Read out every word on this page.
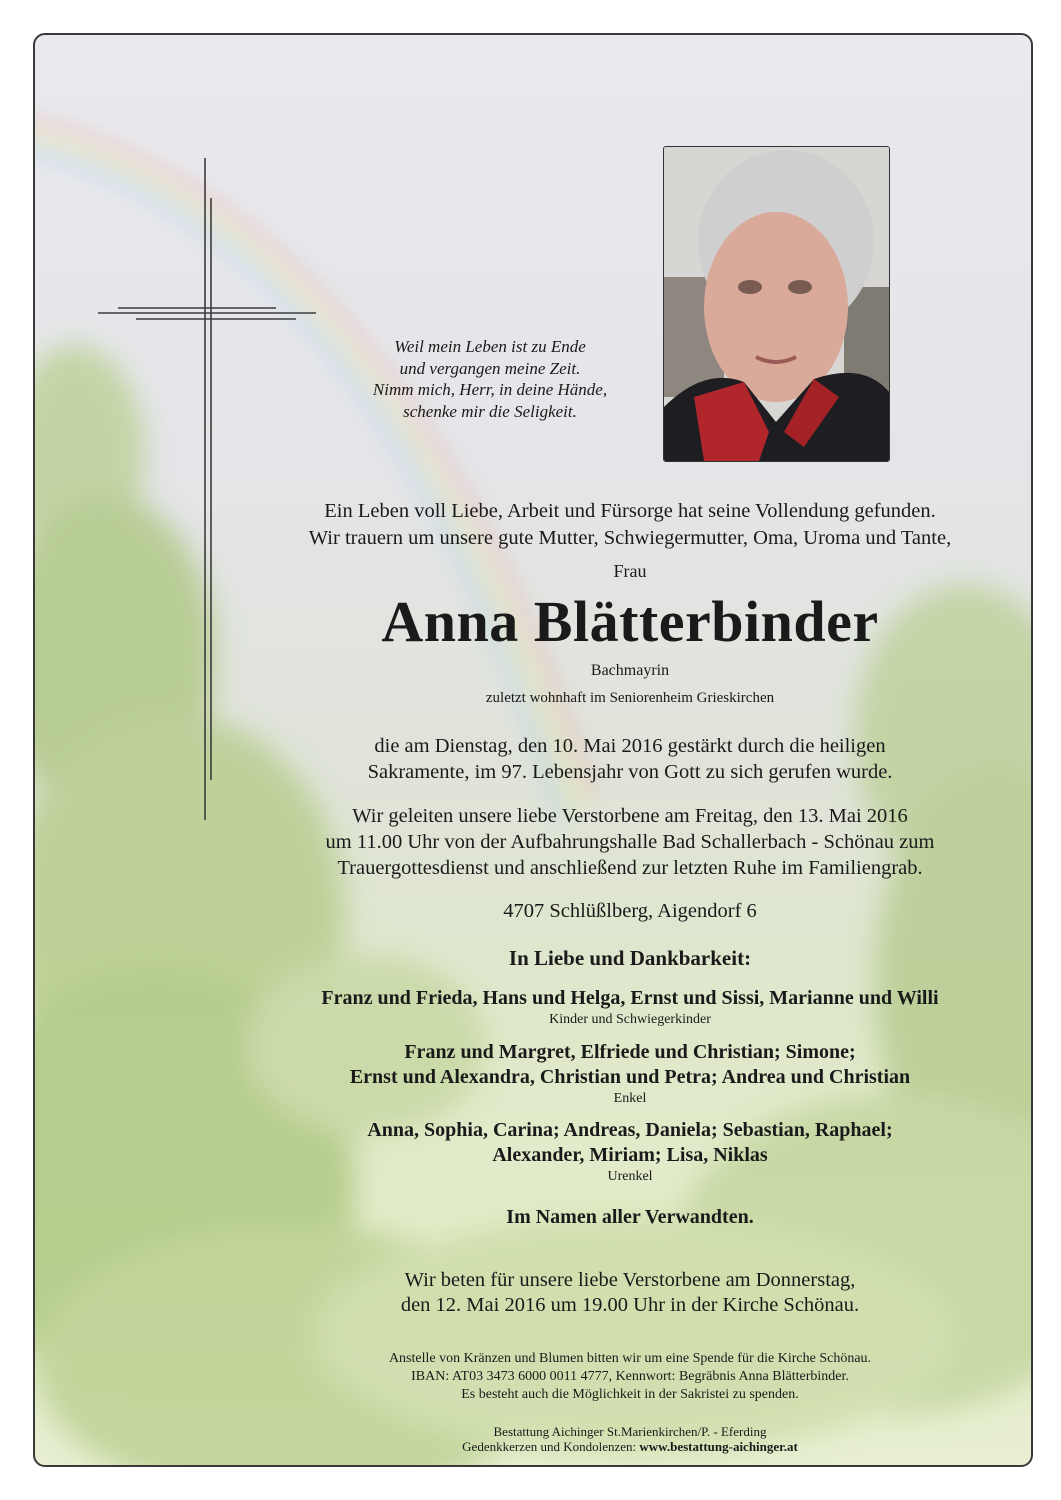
Weil mein Leben ist zu Ende
und vergangen meine Zeit.
Nimm mich, Herr, in deine Hände,
schenke mir die Seligkeit.
Ein Leben voll Liebe, Arbeit und Fürsorge hat seine Vollendung gefunden.
Wir trauern um unsere gute Mutter, Schwiegermutter, Oma, Uroma und Tante,
Frau
Anna Blätterbinder
Bachmayrin
zuletzt wohnhaft im Seniorenheim Grieskirchen
die am Dienstag, den 10. Mai 2016 gestärkt durch die heiligen
Sakramente, im 97. Lebensjahr von Gott zu sich gerufen wurde.
Wir geleiten unsere liebe Verstorbene am Freitag, den 13. Mai 2016
um 11.00 Uhr von der Aufbahrungshalle Bad Schallerbach - Schönau zum
Trauergottesdienst und anschließend zur letzten Ruhe im Familiengrab.
4707 Schlüßlberg, Aigendorf 6
In Liebe und Dankbarkeit:
Franz und Frieda, Hans und Helga, Ernst und Sissi, Marianne und Willi
Kinder und Schwiegerkinder
Franz und Margret, Elfriede und Christian; Simone;
Ernst und Alexandra, Christian und Petra; Andrea und Christian
Enkel
Anna, Sophia, Carina; Andreas, Daniela; Sebastian, Raphael;
Alexander, Miriam; Lisa, Niklas
Urenkel
Im Namen aller Verwandten.
Wir beten für unsere liebe Verstorbene am Donnerstag,
den 12. Mai 2016 um 19.00 Uhr in der Kirche Schönau.
Anstelle von Kränzen und Blumen bitten wir um eine Spende für die Kirche Schönau.
IBAN: AT03 3473 6000 0011 4777, Kennwort: Begräbnis Anna Blätterbinder.
Es besteht auch die Möglichkeit in der Sakristei zu spenden.
Bestattung Aichinger St.Marienkirchen/P. - Eferding
Gedenkkerzen und Kondolenzen: www.bestattung-aichinger.at
